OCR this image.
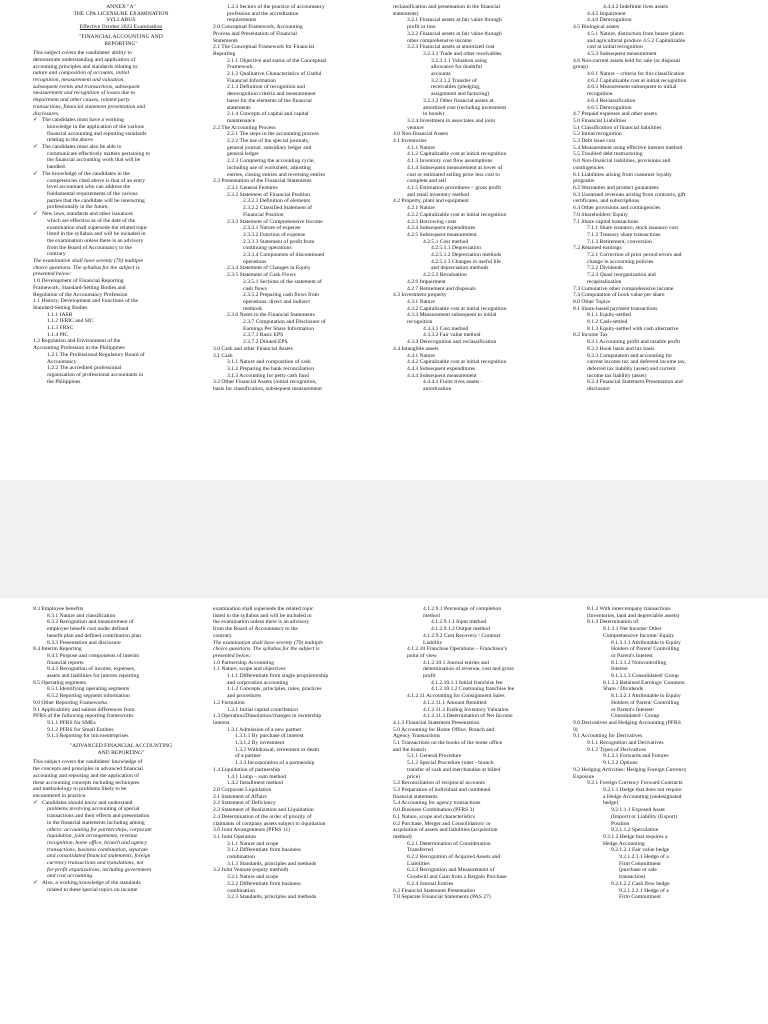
ANNEX "A"
THE CPA LICENSURE EXAMINATION
SYLLABUS
Effective October 2022 Examination
"FINANCIAL ACCOUNTING AND
REPORTING"
This subject covers the candidates' ability to
demonstrate understanding and application of
accounting principles and standards relating to:
nature and composition of accounts, initial
recognition, measurement and valuation,
subsequent events and transactions, subsequent
measurement and recognition of losses due to
impairment and other causes, related party
transactions, financial statement presentation and
disclosures.
✓ The candidates must have a working
knowledge in the application of the various
financial accounting and reporting standards
relating to the above.
✓ The candidates must also be able to
communicate effectively matters pertaining to
the financial accounting work that will be
handled.
✓ The knowledge of the candidates in the
competencies cited above is that of an entry
level accountant who can address the
fundamental requirements of the various
parties that the candidate will be interacting
professionally in the future.
✓ New laws, standards and other issuances
which are effective as of the date of the
examination shall supersede the related topic
listed in the syllabus and will be included in
the examination unless there is an advisory
from the Board of Accountancy to the
contrary.
The examination shall have seventy (70) multiple
choice questions. The syllabus for the subject is
presented below:
1.0 Development of Financial Reporting
Framework, Standard-Setting Bodies and
Regulation of the Accountancy Profession
1.1 History, Development and Functions of the
Standard-Setting Bodies
1.1.1 IASB
1.1.2 IFRIC and SIC
1.1.3 FRSC
1.1.4 PIC
1.2 Regulation and Environment of the
Accounting Profession in the Philippines
1.2.1 The Professional Regulatory Board of
Accountancy
1.2.2 The accredited professional
organization of professional accountants in
the Philippines
1.2.3 Sectors of the practice of accountancy
profession and the accreditation
requirements
2.0 Conceptual Framework, Accounting
Process and Presentation of Financial
Statements
2.1 The Conceptual Framework for Financial
Reporting
2.1.1 Objective and status of the Conceptual
Framework
2.1.2 Qualitative Characteristics of Useful
Financial Information
2.1.3 Definition of recognition and
derecognition criteria and measurement
bases for the elements of the financial
statements
2.1.4 Concepts of capital and capital
maintenance
2.2 The Accounting Process
2.2.1 The steps in the accounting process
2.2.2 The use of the special journals,
general journal, subsidiary ledger and
general ledger
2.2.3 Completing the accounting cycle,
including use of worksheet, adjusting
entries, closing entries and reversing entries
2.3 Presentation of the Financial Statements
2.3.1 General Features
2.3.2 Statement of Financial Position
2.3.2.1 Definition of elements
2.3.2.2 Classified Statement of
Financial Position
2.3.3 Statement of Comprehensive Income
2.3.3.1 Nature of expense
2.3.3.2 Function of expense
2.3.3.3 Statement of profit from
continuing operations
2.3.3.4 Components of discontinued
operations
2.3.4 Statement of Changes in Equity
2.3.5 Statement of Cash Flows
2.3.5.1 Sections of the statement of
cash flows
2.3.5.2 Preparing cash flows from
operations: direct and indirect
methods
2.3.6 Notes to the Financial Statements
2.3.7 Computation and Disclosure of
Earnings Per Share Information
2.3.7.1 Basic EPS
2.3.7.2 Diluted EPS
3.0 Cash and other Financial Assets
3.1 Cash
3.1.1 Nature and composition of cash
3.1.2 Preparing the bank reconciliation
3.1.3 Accounting for petty cash fund
3.2 Other Financial Assets (initial recognition,
basis for classification, subsequent measurement
reclassification and presentation in the financial
statements)
3.2.1 Financial assets at fair value through
profit or loss
3.2.2 Financial assets at fair value through
other comprehensive income
3.2.3 Financial assets at amortized cost
3.2.3.1 Trade and other receivables
3.2.3.1.1 Valuation using
allowance for doubtful
accounts
3.2.3.1.2 Transfer of
receivables (pledging,
assignment and factoring)
3.2.3.2 Other financial assets at
amortized cost (including investment
in bonds)
3.2.4 Investment in associates and joint
venture
4.0 Non-financial Assets
4.1 Inventories
4.1.1 Nature
4.1.2 Capitalizable cost at initial recognition
4.1.3 Inventory cost flow assumptions
4.1.4 Subsequent measurement at lower of
cost or estimated selling price less cost to
complete and sell
4.1.5 Estimation procedures – gross profit
and retail inventory method
4.2 Property, plant and equipment
4.2.1 Nature
4.2.2 Capitalizable cost at initial recognition
4.2.3 Borrowing costs
4.2.4 Subsequent expenditures
4.2.5 Subsequent measurement
4.2.5.1 Cost method
4.2.5.1.1 Depreciation
4.2.5.1.2 Depreciation methods
4.2.5.1.3 Changes in useful life
and depreciation methods
4.2.5.2 Revaluation
4.2.6 Impairment
4.2.7 Retirement and disposals
4.3 Investment property
4.3.1 Nature
4.3.2 Capitalizable cost at initial recognition
4.3.3 Measurement subsequent to initial
recognition
4.3.3.1 Cost method
4.3.3.2 Fair value method
4.3.4 Derecognition and reclassification
4.4 Intangible assets
4.4.1 Nature
4.4.2 Capitalizable cost at initial recognition
4.4.3 Subsequent expenditures
4.4.4 Subsequent measurement
4.4.4.1 Finite lives assets -
amortization
4.4.4.2 Indefinite lives assets
4.4.5 Impairment
4.4.6 Derecognition
4.5 Biological assets
4.5.1 Nature, distinction from bearer plants
and agricultural produce 4.5.2 Capitalizable
cost at initial recognition
4.5.3 Subsequent measurement
4.6 Non-current assets held for sale (or disposal
group)
4.6.1 Nature – criteria for this classification
4.6.2 Capitalizable cost at initial recognition
4.6.3 Measurement subsequent to initial
recognition
4.6.4 Reclassification
4.6.5 Derecognition
4.7 Prepaid expenses and other assets
5.0 Financial Liabilities
5.1 Classification of financial liabilities
5.2 Initial recognition
5.3 Debt issue cost
5.4 Measurement using effective interest method
5.5 Troubled debt restructuring
6.0 Non-financial liabilities, provisions and
contingencies
6.1 Liabilities arising from customer loyalty
programs
6.2 Warranties and product guarantees
6.3 Unearned revenues arising from contracts, gift
certificates, and subscriptions
6.4 Other provisions and contingencies
7.0 Shareholders' Equity
7.1 Share capital transactions
7.1.1 Share issuance, stock issuance cost
7.1.2 Treasury share transactions
7.1.3 Retirement, conversion
7.2 Retained earnings
7.2.1 Correction of prior period errors and
change in accounting policies
7.2.2 Dividends
7.2.3 Quasi reorganization and
recapitalization
7.3 Cumulative other comprehensive income
7.4 Computation of book value per share
8.0 Other Topics
8.1 Share-based payment transactions
8.1.1 Equity-settled
8.1.2 Cash-settled
8.1.3 Equity-settled with cash alternative
8.2 Income Tax
8.2.1 Accounting profit and taxable profit
8.2.2 Book basis and tax basis
8.2.3 Computation and accounting for
current income tax and deferred income tax,
deferred tax liability (asset) and current
income tax liability (asset)
8.2.4 Financial Statement Presentation and
disclosure
8.3 Employee benefits
8.3.1 Nature and classification
8.3.2 Recognition and measurement of
employee benefit cost under defined
benefit plan and defined contribution plan
8.3.3 Presentation and disclosure
8.4 Interim Reporting
8.4.1 Purpose and components of interim
financial reports
8.4.2 Recognition of income, expenses,
assets and liabilities for interim reporting
8.5 Operating segments
8.5.1 Identifying operating segments
8.5.2 Reporting segment information
9.0 Other Reporting Frameworks
9.1 Applicability and salient differences from
PFRS of the following reporting frameworks
9.1.1 PFRS for SMEs
9.1.2 PFRS for Small Entities
9.1.3 Reporting for microenterprises
"ADVANCED FINANCIAL ACCOUNTING
AND REPORTING"
This subject covers the candidates' knowledge of
the concepts and principles in advanced financial
accounting and reporting and the application of
these accounting concepts including techniques
and methodology to problems likely to be
encountered in practice.
✓ Candidates should know and understand
problems involving accounting of special
transactions and their effects and presentation
in the financial statements including among
others: accounting for partnerships, corporate
liquidation, joint arrangements, revenue
recognition, home office, branch and agency
transactions, business combination, separate
and consolidated financial statements, foreign
currency transactions and translations, not
for-profit organizations, including government
and cost accounting.
✓ Also, a working knowledge of the standards
related to these special topics on income
examination shall supersede the related topic
listed in the syllabus and will be included in
the examination unless there is an advisory
from the Board of Accountancy to the
contrary.
The examination shall have seventy (70) multiple
choice questions. The syllabus for the subject is
presented below:
1.0 Partnership Accounting
1.1 Nature, scope and objectives
1.1.1 Differentiate from single proprietorship
and corporation accounting
1.1.2 Concepts, principles, rules, practices
and procedures
1.2 Formation
1.2.1 Initial capital contribution
1.3 Operation/Dissolution/changes in ownership
interest
1.3.1 Admission of a new partner
1.3.1.1 By purchase of interest
1.3.1.2 By investment
1.3.2 Withdrawal, retirement or death
of a partner
1.3.3 Incorporation of a partnership
1.4 Liquidation of partnership
1.4.1 Lump – sum method
1.4.2 Installment method
2.0 Corporate Liquidation
2.1 Statement of Affairs
2.2 Statement of Deficiency
2.3 Statement of Realization and Liquidation
2.4 Determination of the order of priority of
claimants of company assets subject to liquidation
3.0 Joint Arrangements (PFRS 11)
3.1 Joint Operation
3.1.1 Nature and scope
3.1.2 Differentiate from business
combination
3.1.3 Standards, principles and methods
3.2 Joint Venture (equity method)
3.2.1 Nature and scope
3.2.2 Differentiate from business
combination
3.2.3 Standards, principles and methods
4.1.2.9.1 Percentage of completion
method
4.1.2.9.1.1 Input method
4.1.2.9.1.2 Output method
4.1.2.9.2 Cost Recovery / Contract
Liability
4.1.2.10 Franchise Operations – Franchisor's
point of view
4.1.2.10.1 Journal entries and
determination of revenue, cost and gross
profit
4.1.2.10.1.1 Initial franchise fee
4.1.2.10.1.2 Continuing franchise fee
4.1.2.11 Accounting for Consignment Sales
4.1.2.11.1 Amount Remitted
4.1.2.11.2 Ending Inventory Valuation
4.1.2.11.3 Determination of Net Income
4.1.3 Financial Statement Presentation
5.0 Accounting for Home Office, Branch and
Agency Transactions
5.1 Transactions on the books of the home office
and the branch
5.1.1 General Procedure
5.1.2 Special Procedure (inter - branch
transfer of cash and merchandise at billed
price)
5.2 Reconciliation of reciprocal accounts
5.3 Preparation of individual and combined
financial statements
5.4 Accounting for agency transactions
6.0 Business Combination (PFRS 3)
6.1 Nature, scope and characteristics
6.2 Purchase, Merger and Consolidation/ or
acquisition of assets and liabilities (acquisition
method)
6.2.1 Determination of Consideration
Transferred
6.2.2 Recognition of Acquired Assets and
Liabilities
6.2.3 Recognition and Measurement of
Goodwill and Gain from a Bargain Purchase
6.2.4 Journal Entries
6.3 Financial Statement Presentation
7.0 Separate Financial Statements (PAS 27)
8.1.2 With intercompany transactions
(Inventories, land and depreciable assets)
8.1.3 Determination of:
8.1.3.1 Net Income/ Other
Comprehensive Income/ Equity
8.1.3.1.1 Attributable to Equity
Holders of Parent/ Controlling
or Parent's Interest
8.1.3.1.2 Noncontrolling
Interest
8.1.3.1.3 Consolidated/ Group
8.1.3.2 Retained Earnings/ Common
Share / Dividends
8.1.3.2.1 Attributable to Equity
Holders of Parent/ Controlling
or Parent's Interest/
Consolidated / Group
9.0 Derivatives and Hedging Accounting (PFRS
9)
9.1 Accounting for Derivatives
9.1.1 Recognition and Derivatives
9.1.2 Types of Derivatives
9.1.2.1 Forwards and Futures
9.1.2.2 Options
9.2 Hedging Activities: Hedging Foreign Currency
Exposure
9.2.1 Foreign Currency Forward Contracts
9.2.1.1 Hedge that does not require
a Hedge Accounting (undesignated
hedge)
9.2.1.1.1 Exposed Asset
(Import) or Liability (Export)
Position
9.2.1.1.2 Speculation
9.2.1.2 Hedge that requires a
Hedge Accounting
9.2.1.2.1 Fair value hedge
9.2.1.2.1.1 Hedge of a
Firm Commitment
(purchase or sale
transaction)
9.2.1.2.2 Cash flow hedge
9.2.1.2.2.1 Hedge of a
Firm Commitment
